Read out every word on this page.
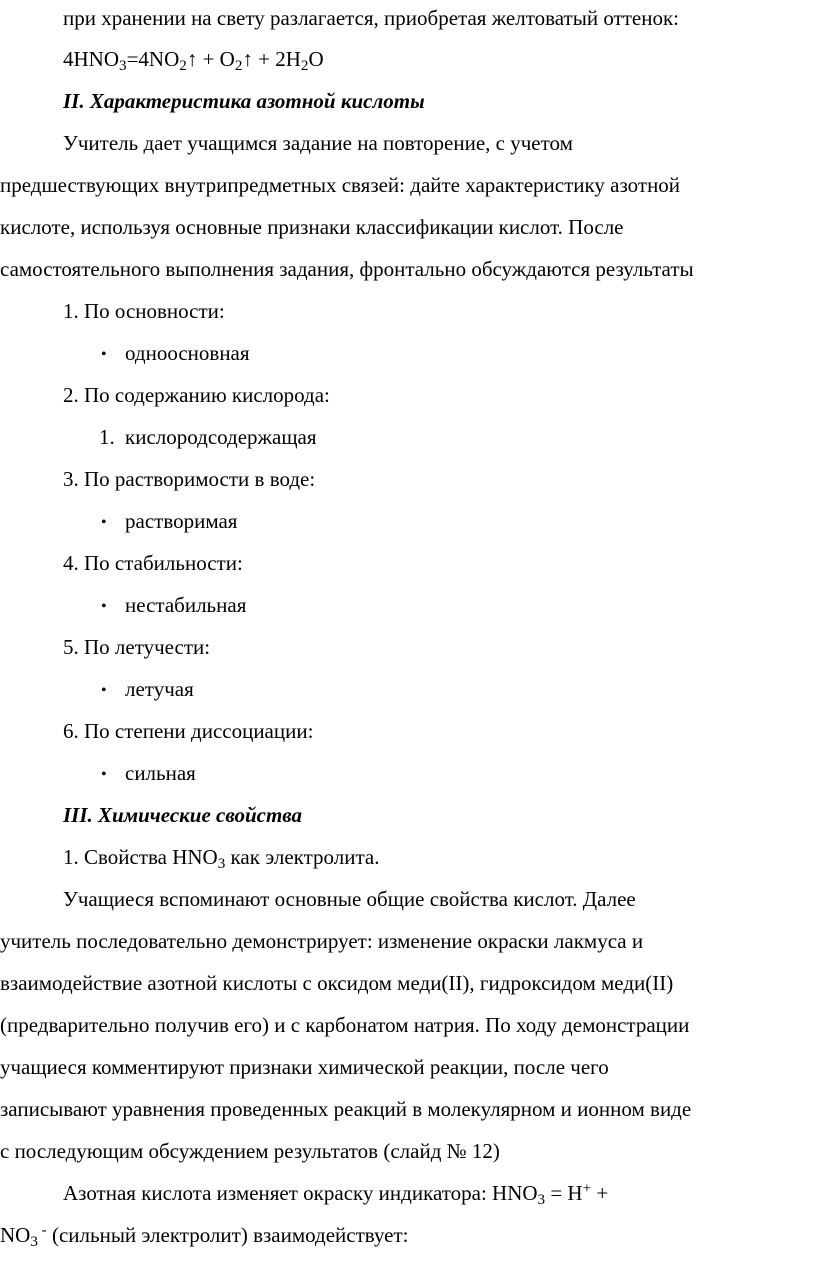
при хранении на свету разлагается, приобретая желтоватый оттенок:
$4HNO_3=4NO_2↑$ + $O_2↑ + 2H_2O$
II. Характеристика азотной кислоты
Учитель дает учащимся задание на повторение, с учетом
предшествующих внутрипредметных связей: дайте характеристику азотной
кислоте, используя основные признаки классификации кислот. После
самостоятельного выполнения задания, фронтально обсуждаются результаты
1. По основности:
• одноосновная
2. По содержанию кислорода:
1. кислородсодержащая
3. По растворимости в воде:
• растворимая
4. По стабильности:
• нестабильная
5. По летучести:
• летучая
6. По степени диссоциации:
• сильная
III. Химические свойства
1. Свойства $HNO_3$ как электролита.
Учащиеся вспоминают основные общие свойства кислот. Далее
учитель последовательно демонстрирует: изменение окраски лакмуса и
взаимодействие азотной кислоты с оксидом меди(II), гидроксидом меди(II)
(предварительно получив его) и с карбонатом натрия. По ходу демонстрации
учащиеся комментируют признаки химической реакции, после чего
записывают уравнения проведенных реакций в молекулярном и ионном виде
с последующим обсуждением результатов (слайд № 12)
Азотная кислота изменяет окраску индикатора: $HNO_3 = H^+$ +
$NO_3$ - (сильный электролит) взаимодействует:
